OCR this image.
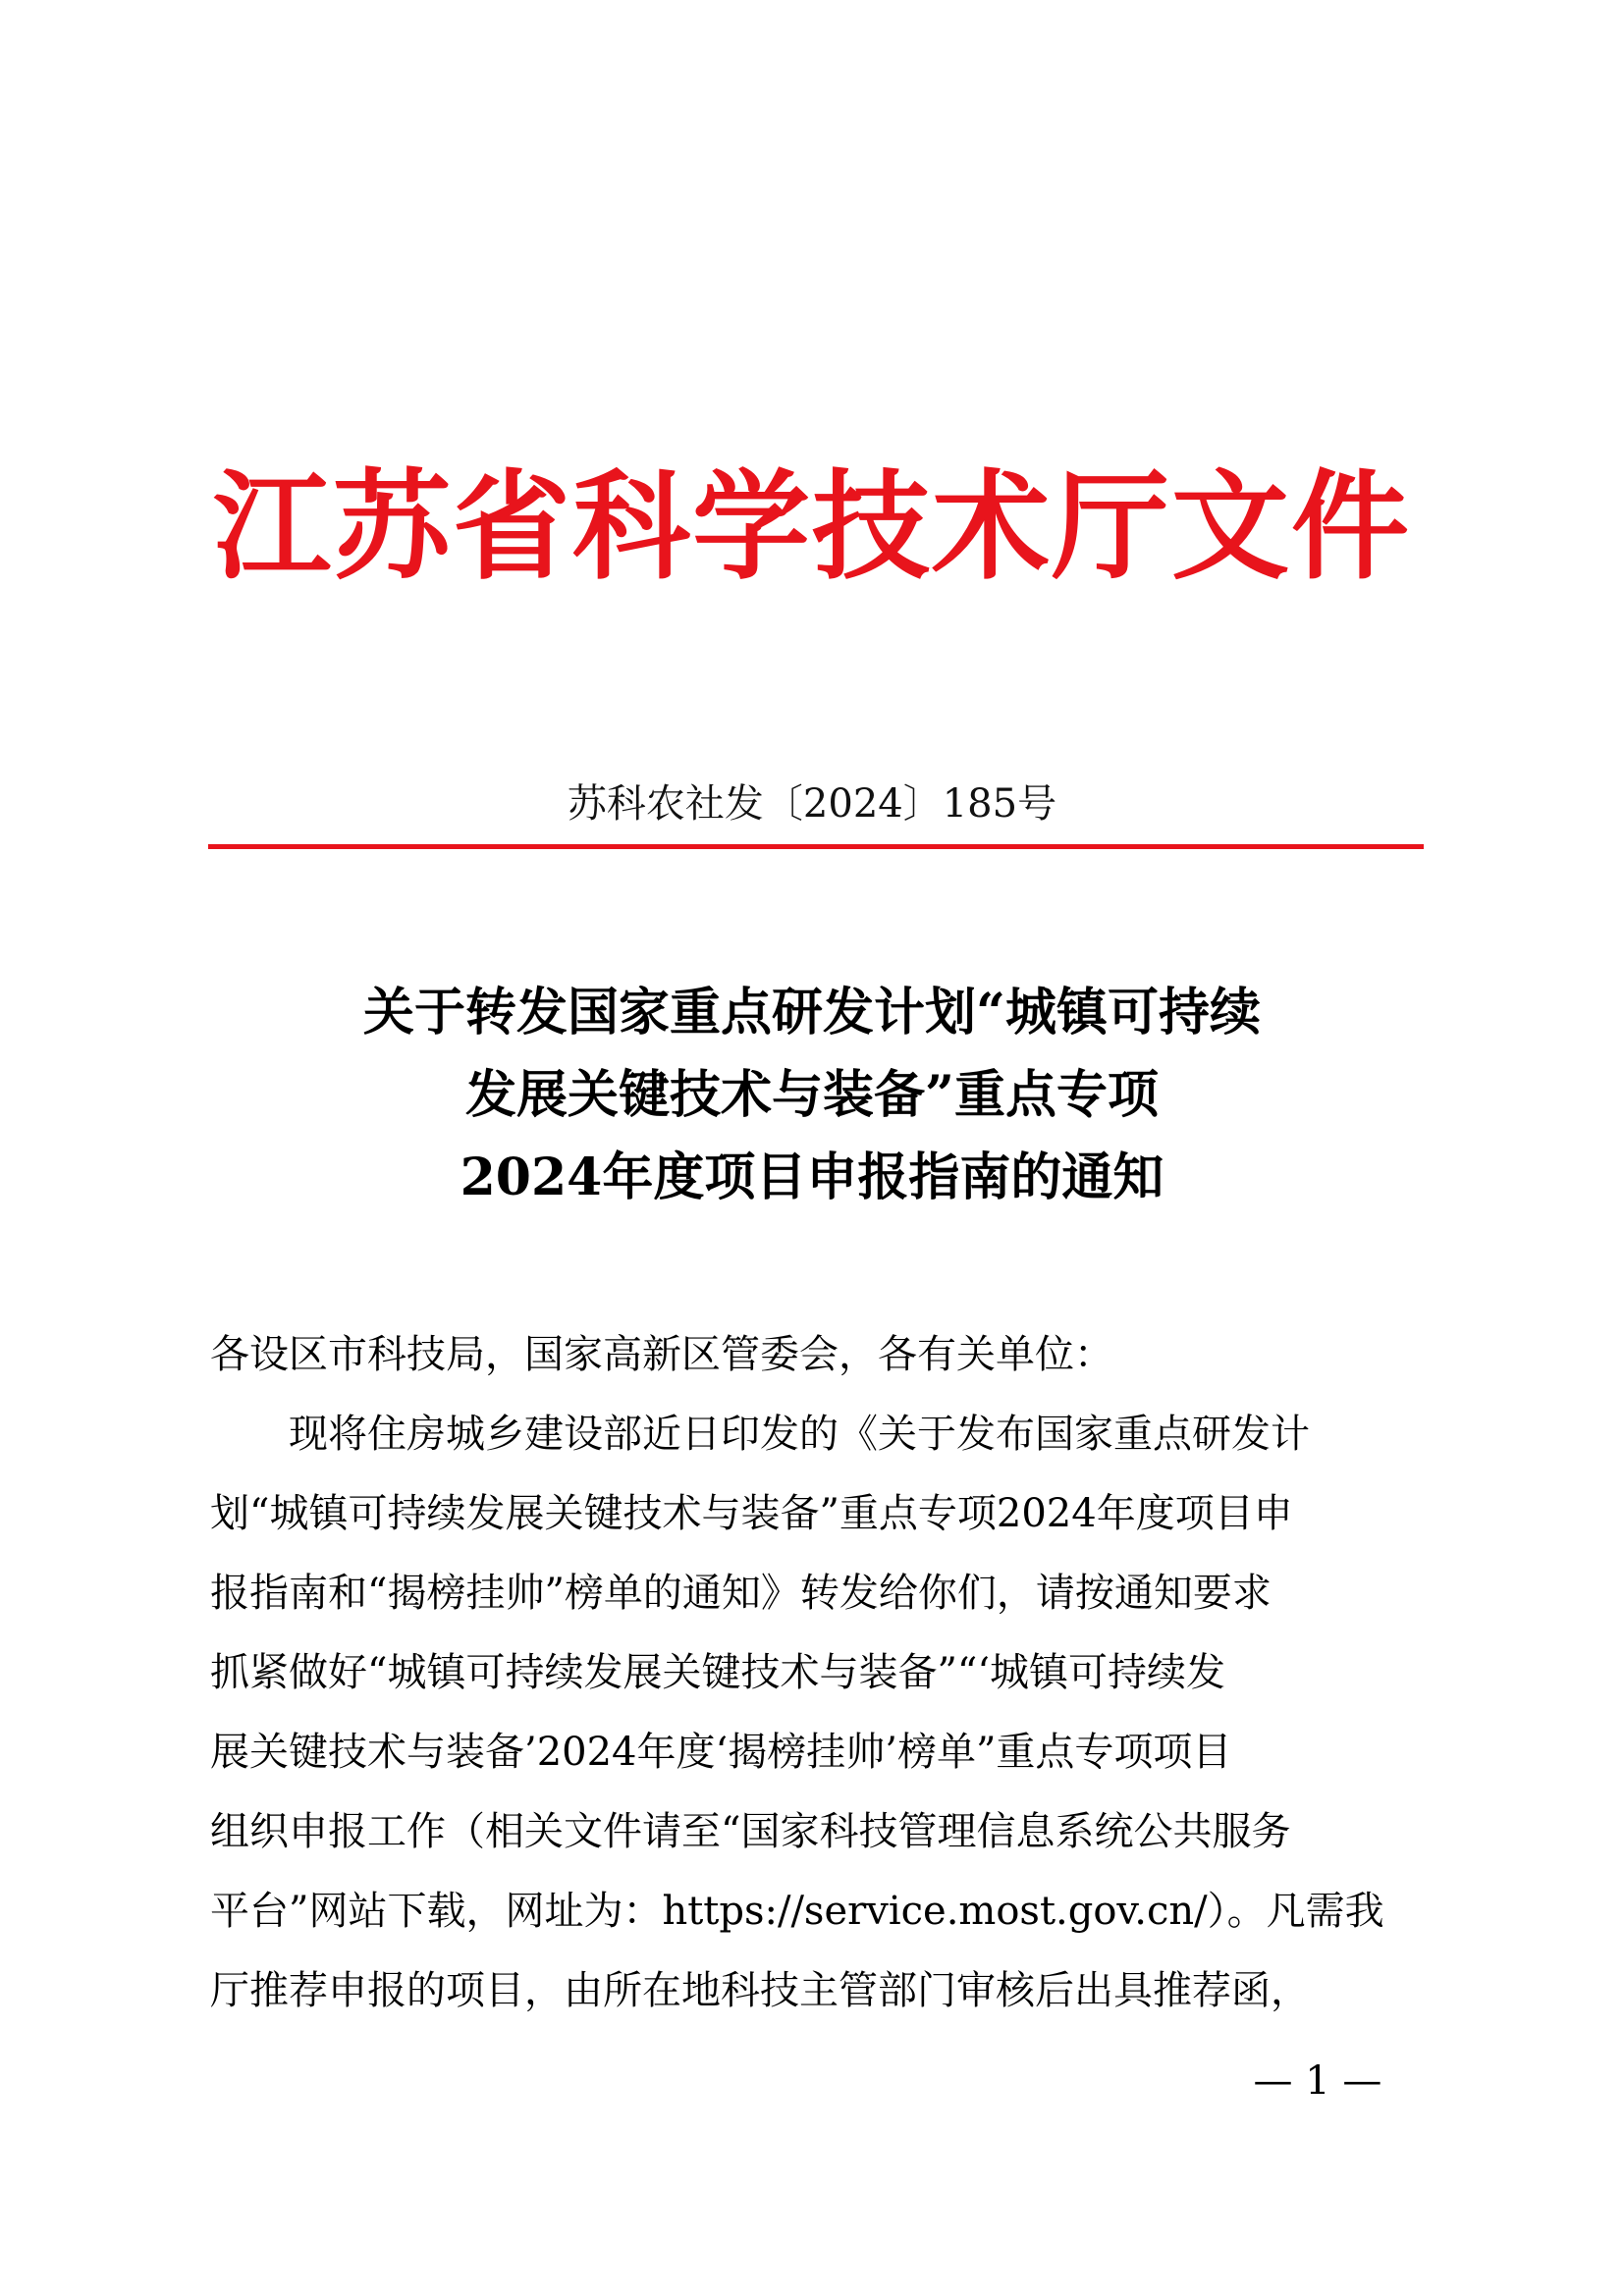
江苏省科学技术厅文件
苏科农社发〔2024〕185号
关于转发国家重点研发计划“城镇可持续
发展关键技术与装备”重点专项
2024年度项目申报指南的通知
各设区市科技局，国家高新区管委会，各有关单位：
　　现将住房城乡建设部近日印发的《关于发布国家重点研发计
划“城镇可持续发展关键技术与装备”重点专项2024年度项目申
报指南和“揭榜挂帅”榜单的通知》转发给你们，请按通知要求
抓紧做好“城镇可持续发展关键技术与装备”“‘城镇可持续发
展关键技术与装备’2024年度‘揭榜挂帅’榜单”重点专项项目
组织申报工作（相关文件请至“国家科技管理信息系统公共服务
平台”网站下载，网址为：https://service.most.gov.cn/）。凡需我
厅推荐申报的项目，由所在地科技主管部门审核后出具推荐函，
— 1 —
